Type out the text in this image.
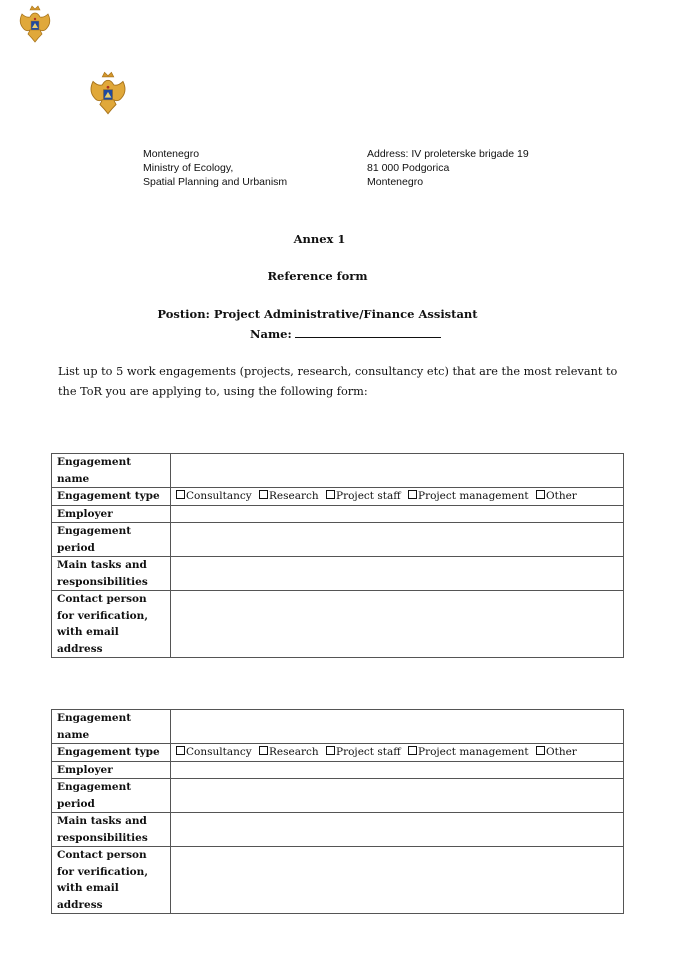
Montenegro
Ministry of Ecology,
Spatial Planning and Urbanism
Address: IV proleterske brigade 19
81 000 Podgorica
Montenegro
Annex 1
Reference form
Postion: Project Administrative/Finance Assistant
Name:
List up to 5 work engagements (projects, research, consultancy etc) that are the most relevant to the ToR you are applying to, using the following form:
Engagement name	
Engagement type	Consultancy Research Project staff Project management Other
Employer	
Engagement period	
Main tasks and responsibilities	
Contact person for verification, with email address	
Engagement name	
Engagement type	Consultancy Research Project staff Project management Other
Employer	
Engagement period	
Main tasks and responsibilities	
Contact person for verification, with email address	
